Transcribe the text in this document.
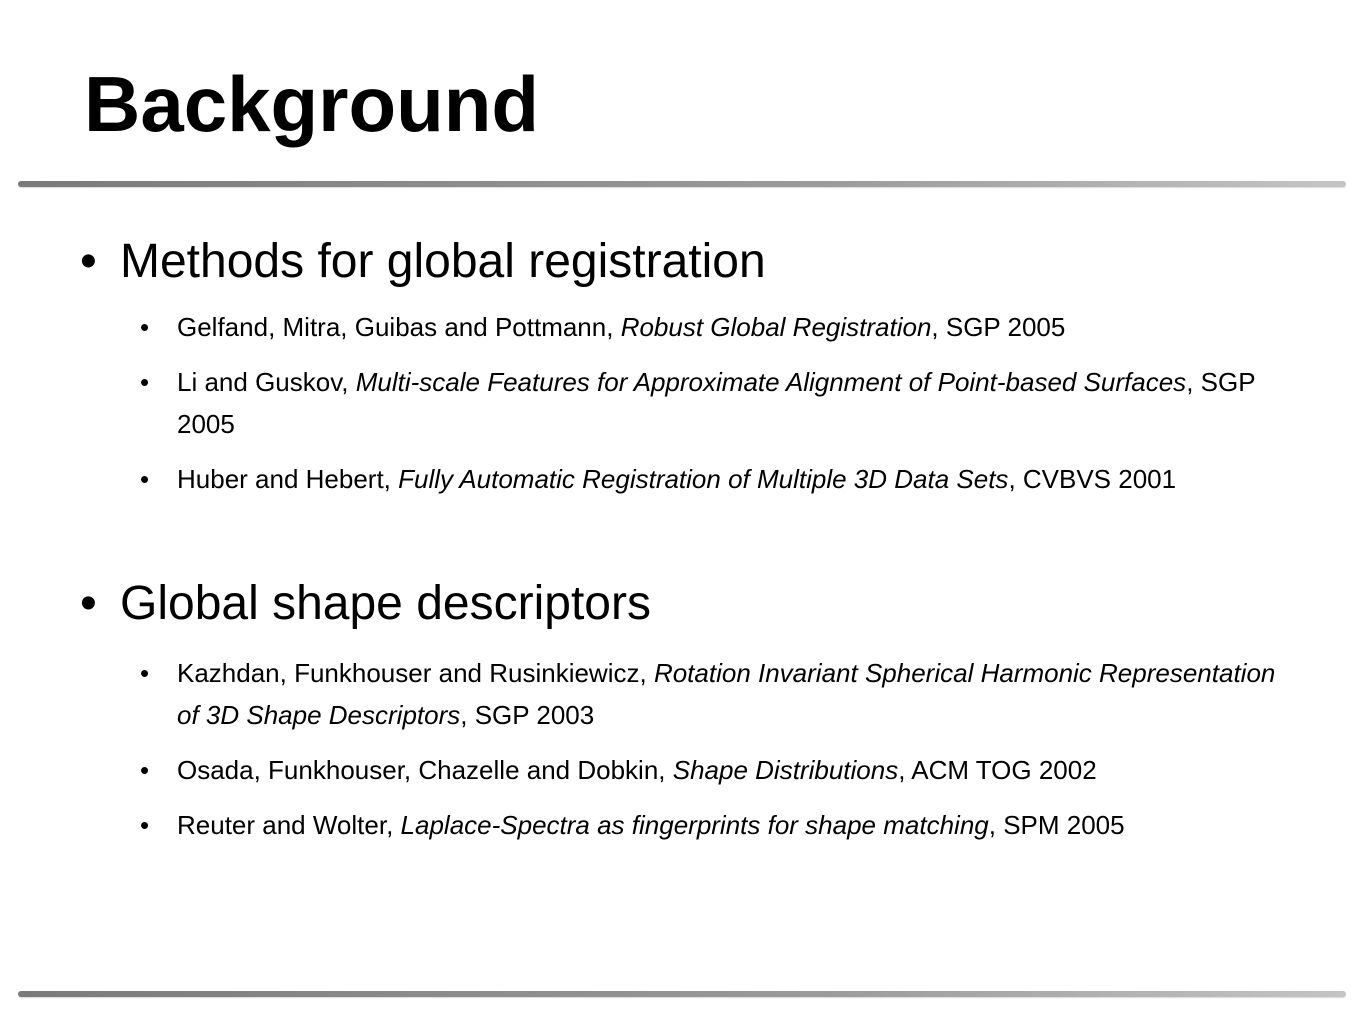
Background

• Methods for global registration

• Gelfand, Mitra, Guibas and Pottmann, Robust Global Registration, SGP 2005
• Li and Guskov, Multi-scale Features for Approximate Alignment of Point-based Surfaces, SGP 2005
• Huber and Hebert, Fully Automatic Registration of Multiple 3D Data Sets, CVBVS 2001

• Global shape descriptors

• Kazhdan, Funkhouser and Rusinkiewicz, Rotation Invariant Spherical Harmonic Representation of 3D Shape Descriptors, SGP 2003
• Osada, Funkhouser, Chazelle and Dobkin, Shape Distributions, ACM TOG 2002
• Reuter and Wolter, Laplace-Spectra as fingerprints for shape matching, SPM 2005
